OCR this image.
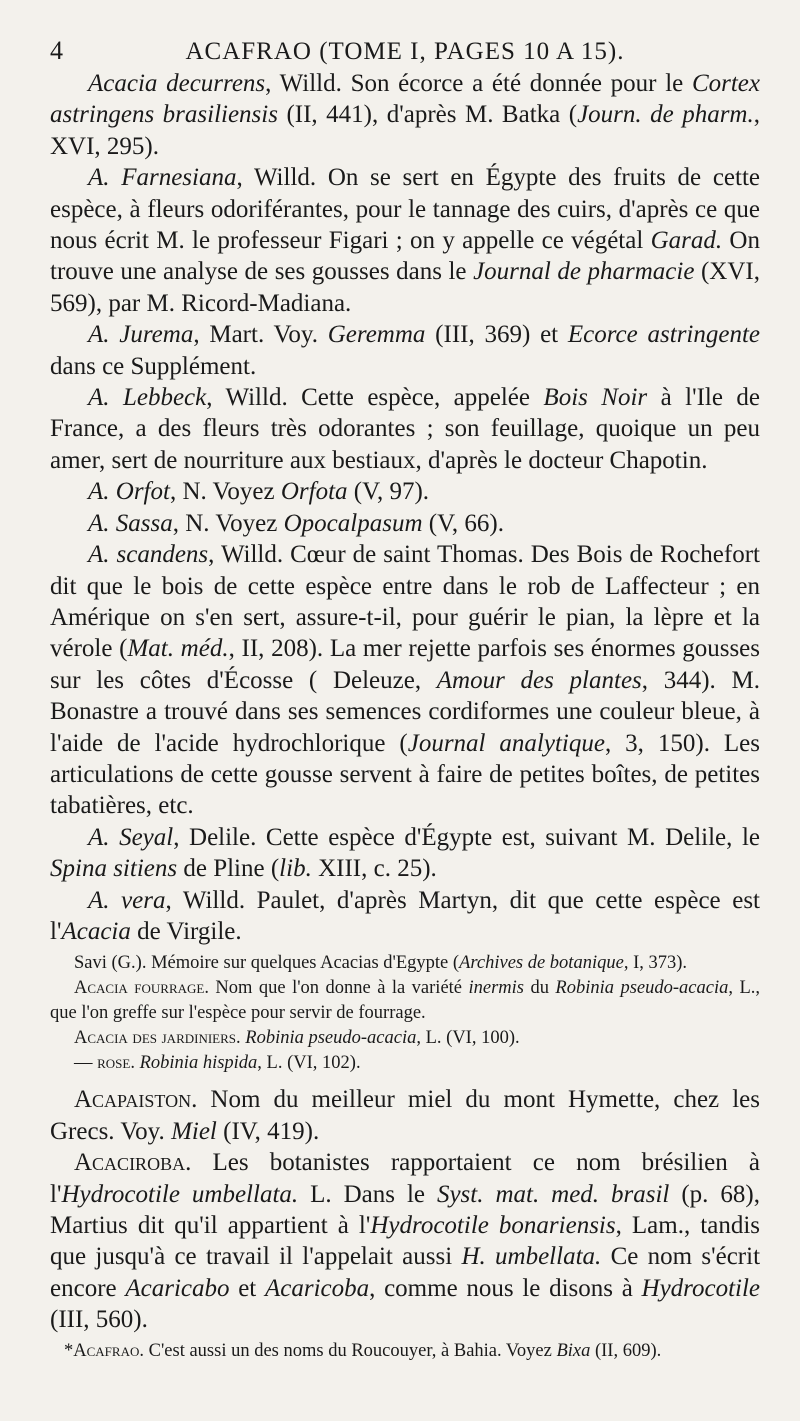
4	ACAFRAO (TOME I, PAGES 10 A 15).

Acacia decurrens, Willd. Son écorce a été donnée pour le Cortex astringens brasiliensis (II, 441), d'après M. Batka (Journ. de pharm., XVI, 295).

A. Farnesiana, Willd. On se sert en Égypte des fruits de cette espèce, à fleurs odoriférantes, pour le tannage des cuirs, d'après ce que nous écrit M. le professeur Figari ; on y appelle ce végétal Garad. On trouve une analyse de ses gousses dans le Journal de pharmacie (XVI, 569), par M. Ricord-Madiana.

A. Jurema, Mart. Voy. Geremma (III, 369) et Ecorce astringente dans ce Supplément.

A. Lebbeck, Willd. Cette espèce, appelée Bois Noir à l'Ile de France, a des fleurs très odorantes ; son feuillage, quoique un peu amer, sert de nourriture aux bestiaux, d'après le docteur Chapotin.

A. Orfot, N. Voyez Orfota (V, 97).

A. Sassa, N. Voyez Opocalpasum (V, 66).

A. scandens, Willd. Cœur de saint Thomas. Des Bois de Rochefort dit que le bois de cette espèce entre dans le rob de Laffecteur ; en Amérique on s'en sert, assure-t-il, pour guérir le pian, la lèpre et la vérole (Mat. méd., II, 208). La mer rejette parfois ses énormes gousses sur les côtes d'Écosse ( Deleuze, Amour des plantes, 344). M. Bonastre a trouvé dans ses semences cordiformes une couleur bleue, à l'aide de l'acide hydrochlorique (Journal analytique, 3, 150). Les articulations de cette gousse servent à faire de petites boîtes, de petites tabatières, etc.

A. Seyal, Delile. Cette espèce d'Égypte est, suivant M. Delile, le Spina sitiens de Pline (lib. XIII, c. 25).

A. vera, Willd. Paulet, d'après Martyn, dit que cette espèce est l'Acacia de Virgile.

Savi (G.). Mémoire sur quelques Acacias d'Egypte (Archives de botanique, I, 373).

Acacia fourrage. Nom que l'on donne à la variété inermis du Robinia pseudo-acacia, L., que l'on greffe sur l'espèce pour servir de fourrage.

Acacia des jardiniers. Robinia pseudo-acacia, L. (VI, 100).

— rose. Robinia hispida, L. (VI, 102).

Acapaiston. Nom du meilleur miel du mont Hymette, chez les Grecs. Voy. Miel (IV, 419).

Acaciroba. Les botanistes rapportaient ce nom brésilien à l'Hydrocotile umbellata. L. Dans le Syst. mat. med. brasil (p. 68), Martius dit qu'il appartient à l'Hydrocotile bonariensis, Lam., tandis que jusqu'à ce travail il l'appelait aussi H. umbellata. Ce nom s'écrit encore Acaricabo et Acaricoba, comme nous le disons à Hydrocotile (III, 560).

*Acafrao. C'est aussi un des noms du Roucouyer, à Bahia. Voyez Bixa (II, 609).
